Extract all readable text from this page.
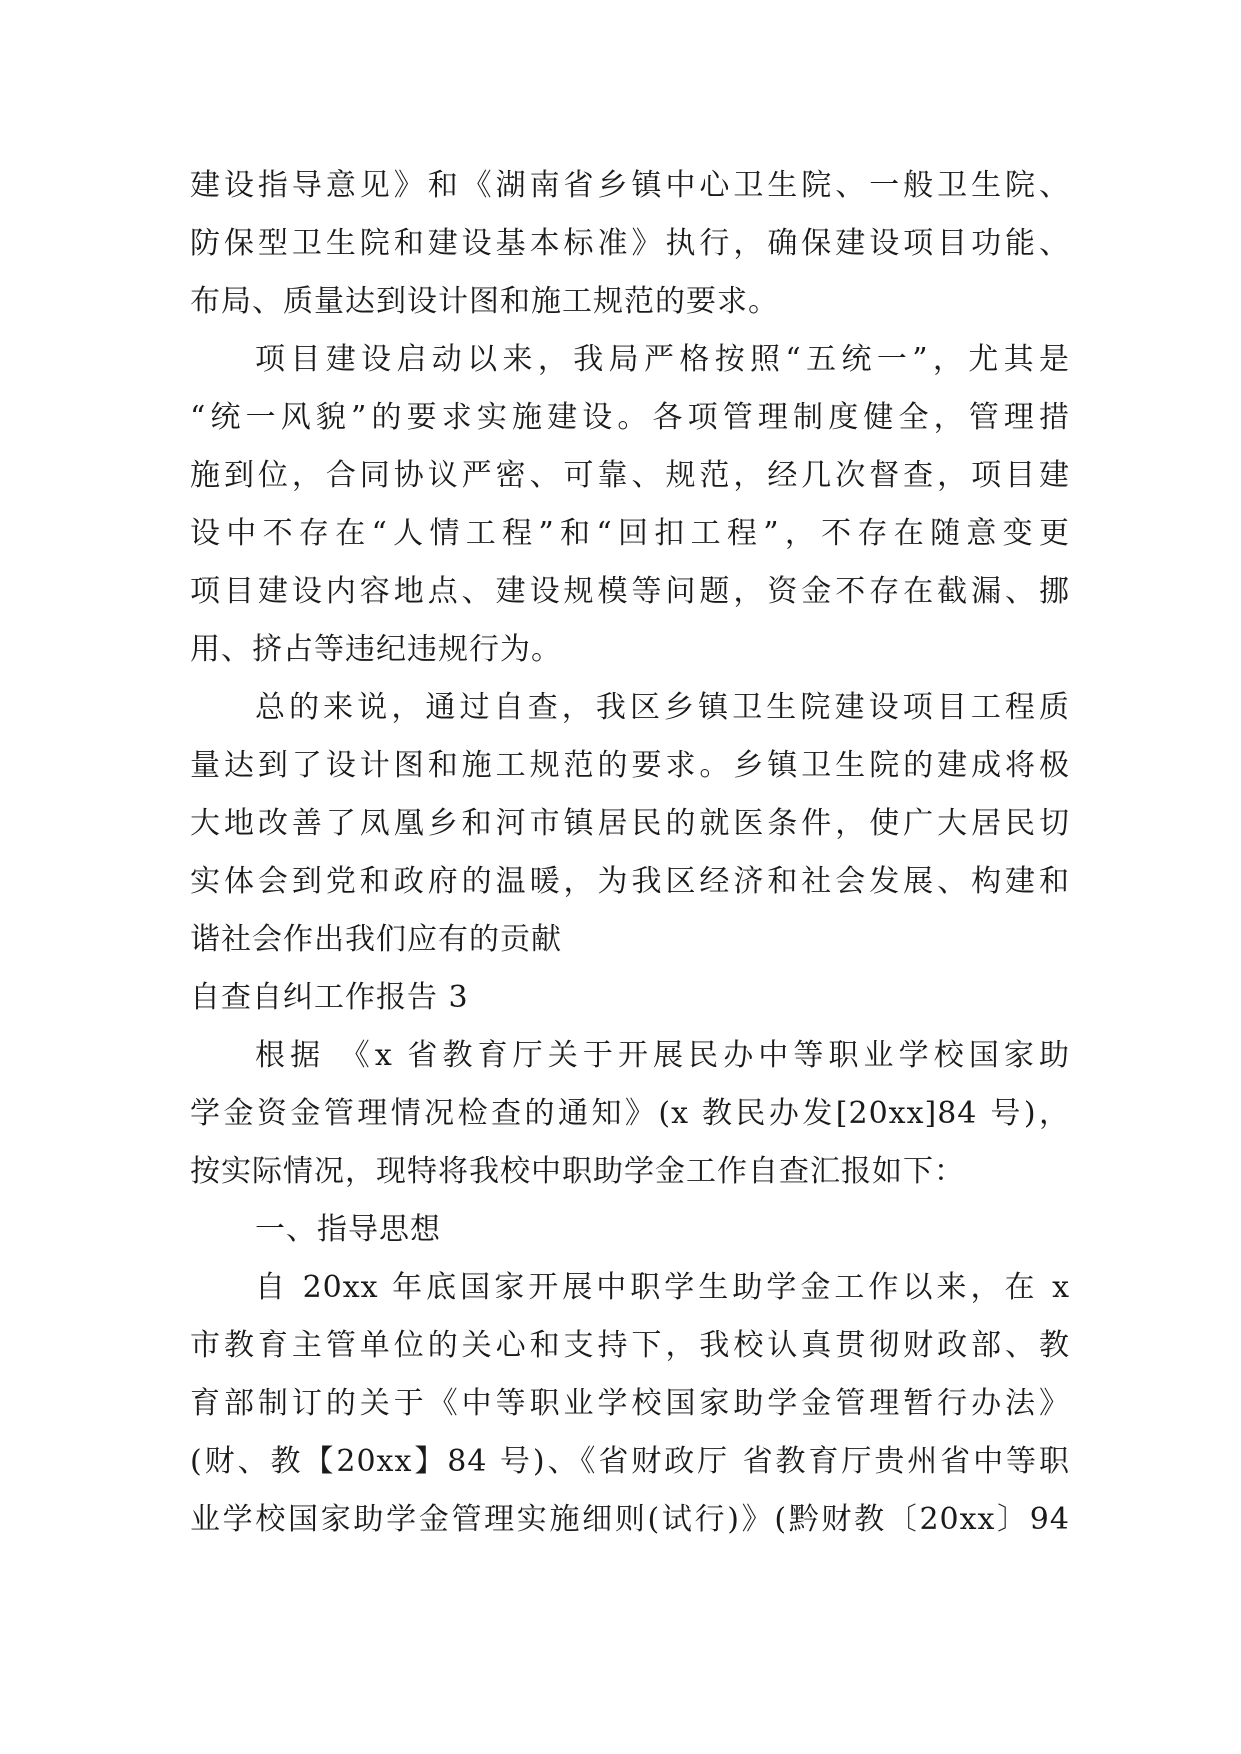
建设指导意见》和《湖南省乡镇中心卫生院、一般卫生院、
防保型卫生院和建设基本标准》执行，确保建设项目功能、
布局、质量达到设计图和施工规范的要求。
项目建设启动以来，我局严格按照“五统一”，尤其是
“统一风貌”的要求实施建设。各项管理制度健全，管理措
施到位，合同协议严密、可靠、规范，经几次督查，项目建
设中不存在“人情工程”和“回扣工程”，不存在随意变更
项目建设内容地点、建设规模等问题，资金不存在截漏、挪
用、挤占等违纪违规行为。
总的来说，通过自查，我区乡镇卫生院建设项目工程质
量达到了设计图和施工规范的要求。乡镇卫生院的建成将极
大地改善了凤凰乡和河市镇居民的就医条件，使广大居民切
实体会到党和政府的温暖，为我区经济和社会发展、构建和
谐社会作出我们应有的贡献
自查自纠工作报告 3
根据 《x 省教育厅关于开展民办中等职业学校国家助
学金资金管理情况检查的通知》(x 教民办发[20xx]84 号)，
按实际情况，现特将我校中职助学金工作自查汇报如下：
一、指导思想
自 20xx 年底国家开展中职学生助学金工作以来，在 x
市教育主管单位的关心和支持下，我校认真贯彻财政部、教
育部制订的关于《中等职业学校国家助学金管理暂行办法》
(财、教【20xx】84 号)、《省财政厅 省教育厅贵州省中等职
业学校国家助学金管理实施细则(试行)》(黔财教〔20xx〕94
